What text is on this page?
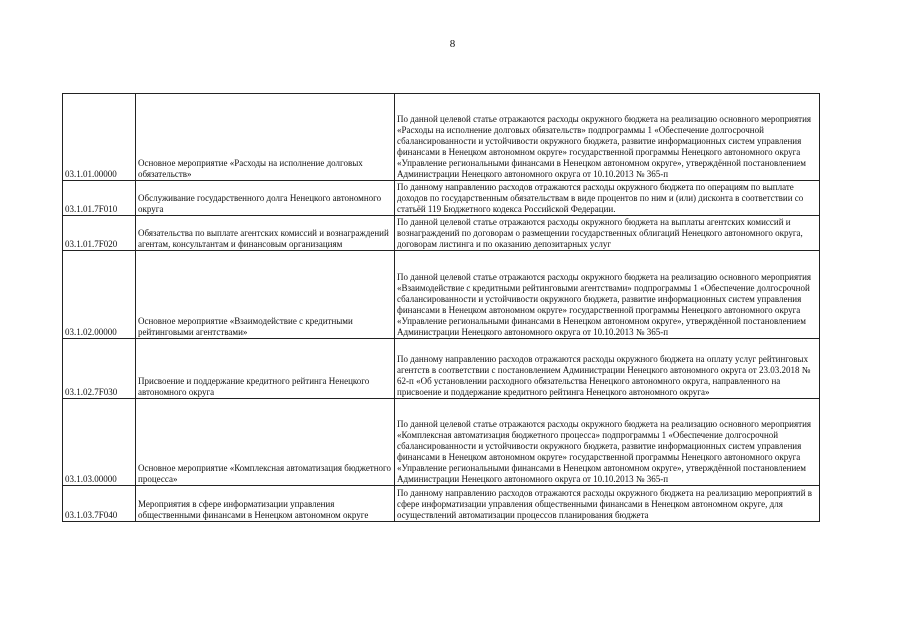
8
03.1.01.00000	Основное мероприятие «Расходы на исполнение долговых обязательств»	По данной целевой статье отражаются расходы окружного бюджета на реализацию основного мероприятия «Расходы на исполнение долговых обязательств» подпрограммы 1 «Обеспечение долгосрочной сбалансированности и устойчивости окружного бюджета, развитие информационных систем управления финансами в Ненецком автономном округе» государственной программы Ненецкого автономного округа «Управление региональными финансами в Ненецком автономном округе», утверждённой постановлением Администрации Ненецкого автономного округа от 10.10.2013 № 365-п
03.1.01.7F010	Обслуживание государственного долга Ненецкого автономного округа	По данному направлению расходов отражаются расходы окружного бюджета по операциям по выплате доходов по государственным обязательствам в виде процентов по ним и (или) дисконта в соответствии со статьёй 119 Бюджетного кодекса Российской Федерации.
03.1.01.7F020	Обязательства по выплате агентских комиссий и вознаграждений агентам, консультантам и финансовым организациям	По данной целевой статье отражаются расходы окружного бюджета на выплаты агентских комиссий и вознаграждений по договорам о размещении государственных облигаций Ненецкого автономного округа, договорам листинга и по оказанию депозитарных услуг
03.1.02.00000	Основное мероприятие «Взаимодействие с кредитными рейтинговыми агентствами»	По данной целевой статье отражаются расходы окружного бюджета на реализацию основного мероприятия «Взаимодействие с кредитными рейтинговыми агентствами» подпрограммы 1 «Обеспечение долгосрочной сбалансированности и устойчивости окружного бюджета, развитие информационных систем управления финансами в Ненецком автономном округе» государственной программы Ненецкого автономного округа «Управление региональными финансами в Ненецком автономном округе», утверждённой постановлением Администрации Ненецкого автономного округа от 10.10.2013 № 365-п
03.1.02.7F030	Присвоение и поддержание кредитного рейтинга Ненецкого автономного округа	По данному направлению расходов отражаются расходы окружного бюджета на оплату услуг рейтинговых агентств в соответствии с постановлением Администрации Ненецкого автономного округа от 23.03.2018 № 62-п «Об установлении расходного обязательства Ненецкого автономного округа, направленного на присвоение и поддержание кредитного рейтинга Ненецкого автономного округа»
03.1.03.00000	Основное мероприятие «Комплексная автоматизация бюджетного процесса»	По данной целевой статье отражаются расходы окружного бюджета на реализацию основного мероприятия «Комплексная автоматизация бюджетного процесса» подпрограммы 1 «Обеспечение долгосрочной сбалансированности и устойчивости окружного бюджета, развитие информационных систем управления финансами в Ненецком автономном округе» государственной программы Ненецкого автономного округа «Управление региональными финансами в Ненецком автономном округе», утверждённой постановлением Администрации Ненецкого автономного округа от 10.10.2013 № 365-п
03.1.03.7F040	Мероприятия в сфере информатизации управления общественными финансами в Ненецком автономном округе	По данному направлению расходов отражаются расходы окружного бюджета на реализацию мероприятий в сфере информатизации управления общественными финансами в Ненецком автономном округе, для осуществлений автоматизации процессов планирования бюджета
